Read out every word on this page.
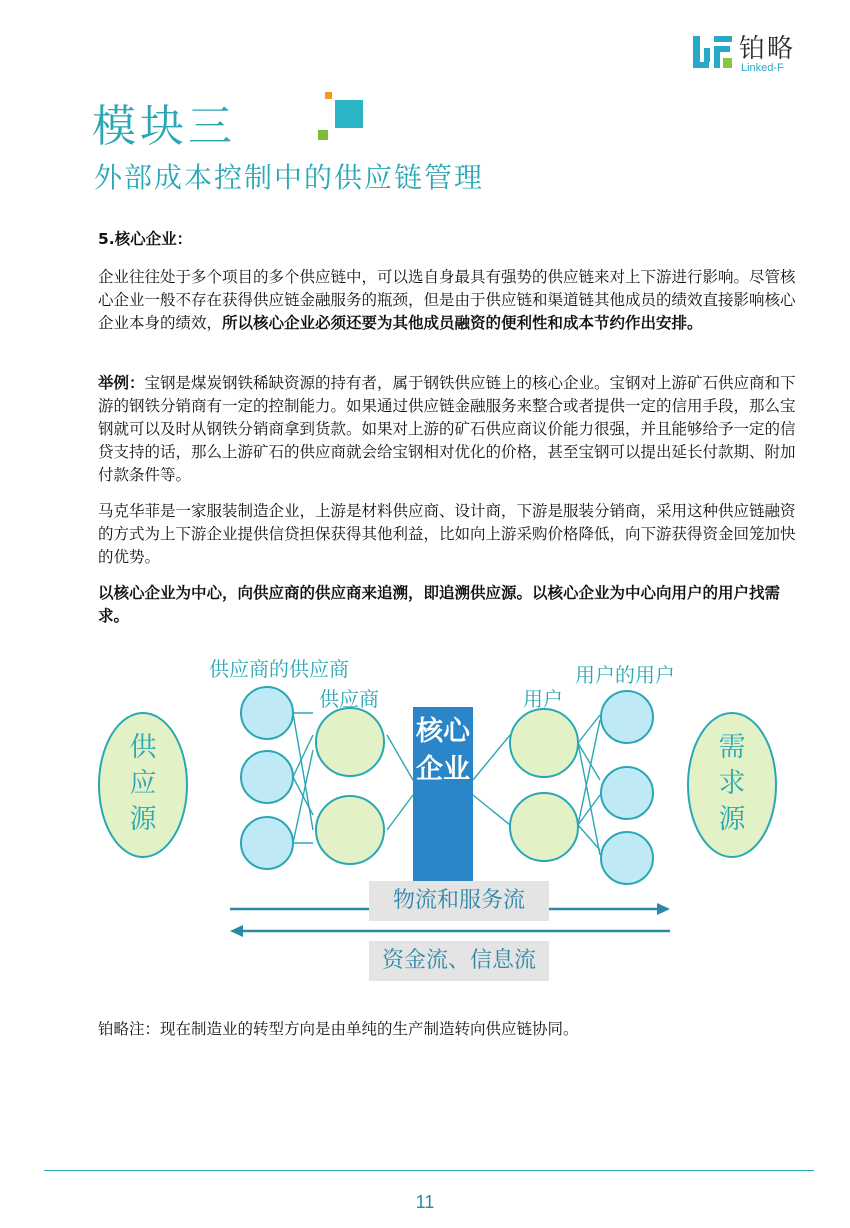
铂略
Linked-F
模块三
外部成本控制中的供应链管理
5.核心企业：
企业往往处于多个项目的多个供应链中，可以选自身最具有强势的供应链来对上下游进行影响。尽管核心企业一般不存在获得供应链金融服务的瓶颈，但是由于供应链和渠道链其他成员的绩效直接影响核心企业本身的绩效，所以核心企业必须还要为其他成员融资的便利性和成本节约作出安排。
举例：宝钢是煤炭钢铁稀缺资源的持有者，属于钢铁供应链上的核心企业。宝钢对上游矿石供应商和下游的钢铁分销商有一定的控制能力。如果通过供应链金融服务来整合或者提供一定的信用手段，那么宝钢就可以及时从钢铁分销商拿到货款。如果对上游的矿石供应商议价能力很强，并且能够给予一定的信贷支持的话，那么上游矿石的供应商就会给宝钢相对优化的价格，甚至宝钢可以提出延长付款期、附加付款条件等。
马克华菲是一家服装制造企业，上游是材料供应商、设计商，下游是服装分销商，采用这种供应链融资的方式为上下游企业提供信贷担保获得其他利益，比如向上游采购价格降低，向下游获得资金回笼加快的优势。
以核心企业为中心，向供应商的供应商来追溯，即追溯供应源。以核心企业为中心向用户的用户找需求。
供应源
需求源
供应商的供应商
供应商	用户
用户的用户
核心企业
物流和服务流
资金流、信息流
铂略注：现在制造业的转型方向是由单纯的生产制造转向供应链协同。
11
